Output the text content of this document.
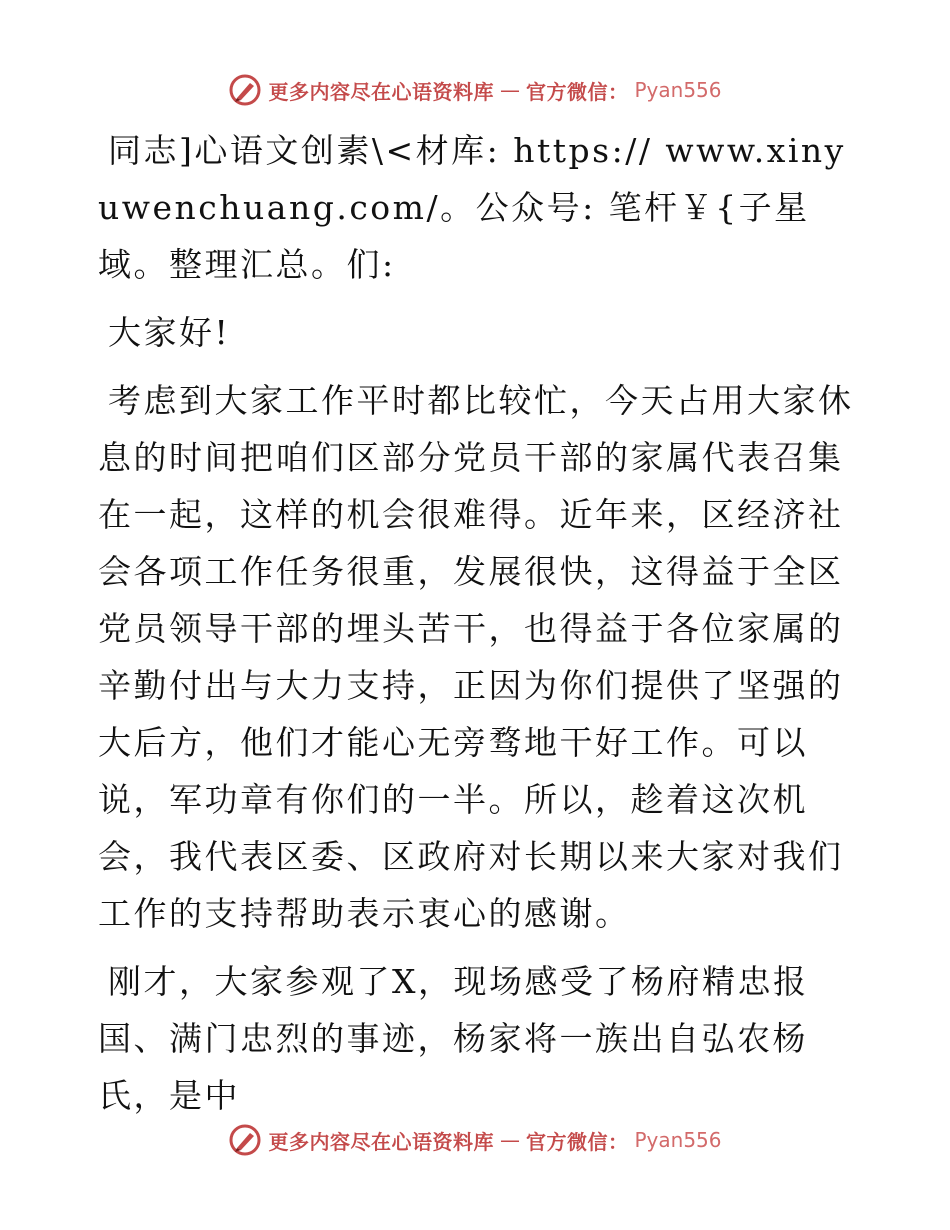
更多内容尽在心语资料库 — 官方微信： Pyan556

同志]心语文创素\<材库: https:// www.xinyuwenchuang.com/。公众号: 笔杆￥{子星域。整理汇总。们:

大家好!

考虑到大家工作平时都比较忙，今天占用大家休息的时间把咱们区部分党员干部的家属代表召集在一起，这样的机会很难得。近年来，区经济社会各项工作任务很重，发展很快，这得益于全区党员领导干部的埋头苦干，也得益于各位家属的辛勤付出与大力支持，正因为你们提供了坚强的大后方，他们才能心无旁骛地干好工作。可以说，军功章有你们的一半。所以，趁着这次机会，我代表区委、区政府对长期以来大家对我们工作的支持帮助表示衷心的感谢。

刚才，大家参观了X，现场感受了杨府精忠报国、满门忠烈的事迹，杨家将一族出自弘农杨氏，是中

更多内容尽在心语资料库 — 官方微信： Pyan556
